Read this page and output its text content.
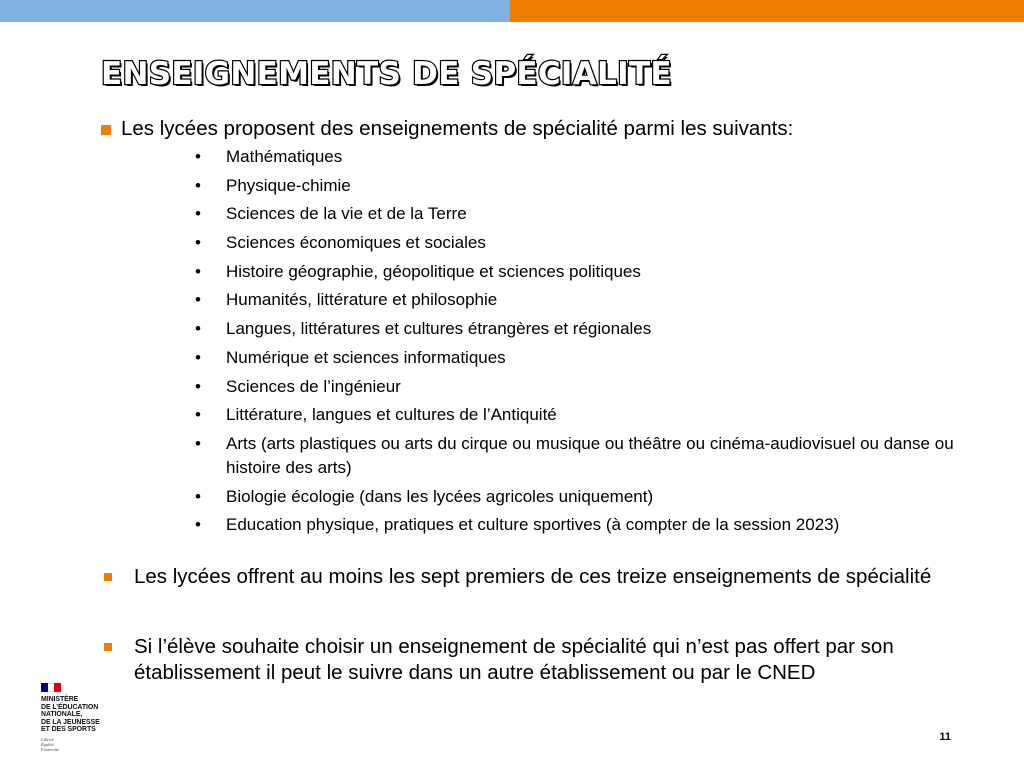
ENSEIGNEMENTS DE SPÉCIALITÉ
Les lycées proposent des enseignements de spécialité parmi les suivants:
• Mathématiques
• Physique-chimie
• Sciences de la vie et de la Terre
• Sciences économiques et sociales
• Histoire géographie, géopolitique et sciences politiques
• Humanités, littérature et philosophie
• Langues, littératures et cultures étrangères et régionales
• Numérique et sciences informatiques
• Sciences de l’ingénieur
• Littérature, langues et cultures de l’Antiquité
• Arts (arts plastiques ou arts du cirque ou musique ou théâtre ou cinéma-audiovisuel ou danse ou histoire des arts)
• Biologie écologie (dans les lycées agricoles uniquement)
• Education physique, pratiques et culture sportives (à compter de la session 2023)
Les lycées offrent au moins les sept premiers de ces treize enseignements de spécialité
Si l’élève souhaite choisir un enseignement de spécialité qui n’est pas offert par son établissement il peut le suivre dans un autre établissement ou par le CNED
MINISTÈRE
DE L’ÉDUCATION
NATIONALE,
DE LA JEUNESSE
ET DES SPORTS
Liberté
Égalité
Fraternité
11
